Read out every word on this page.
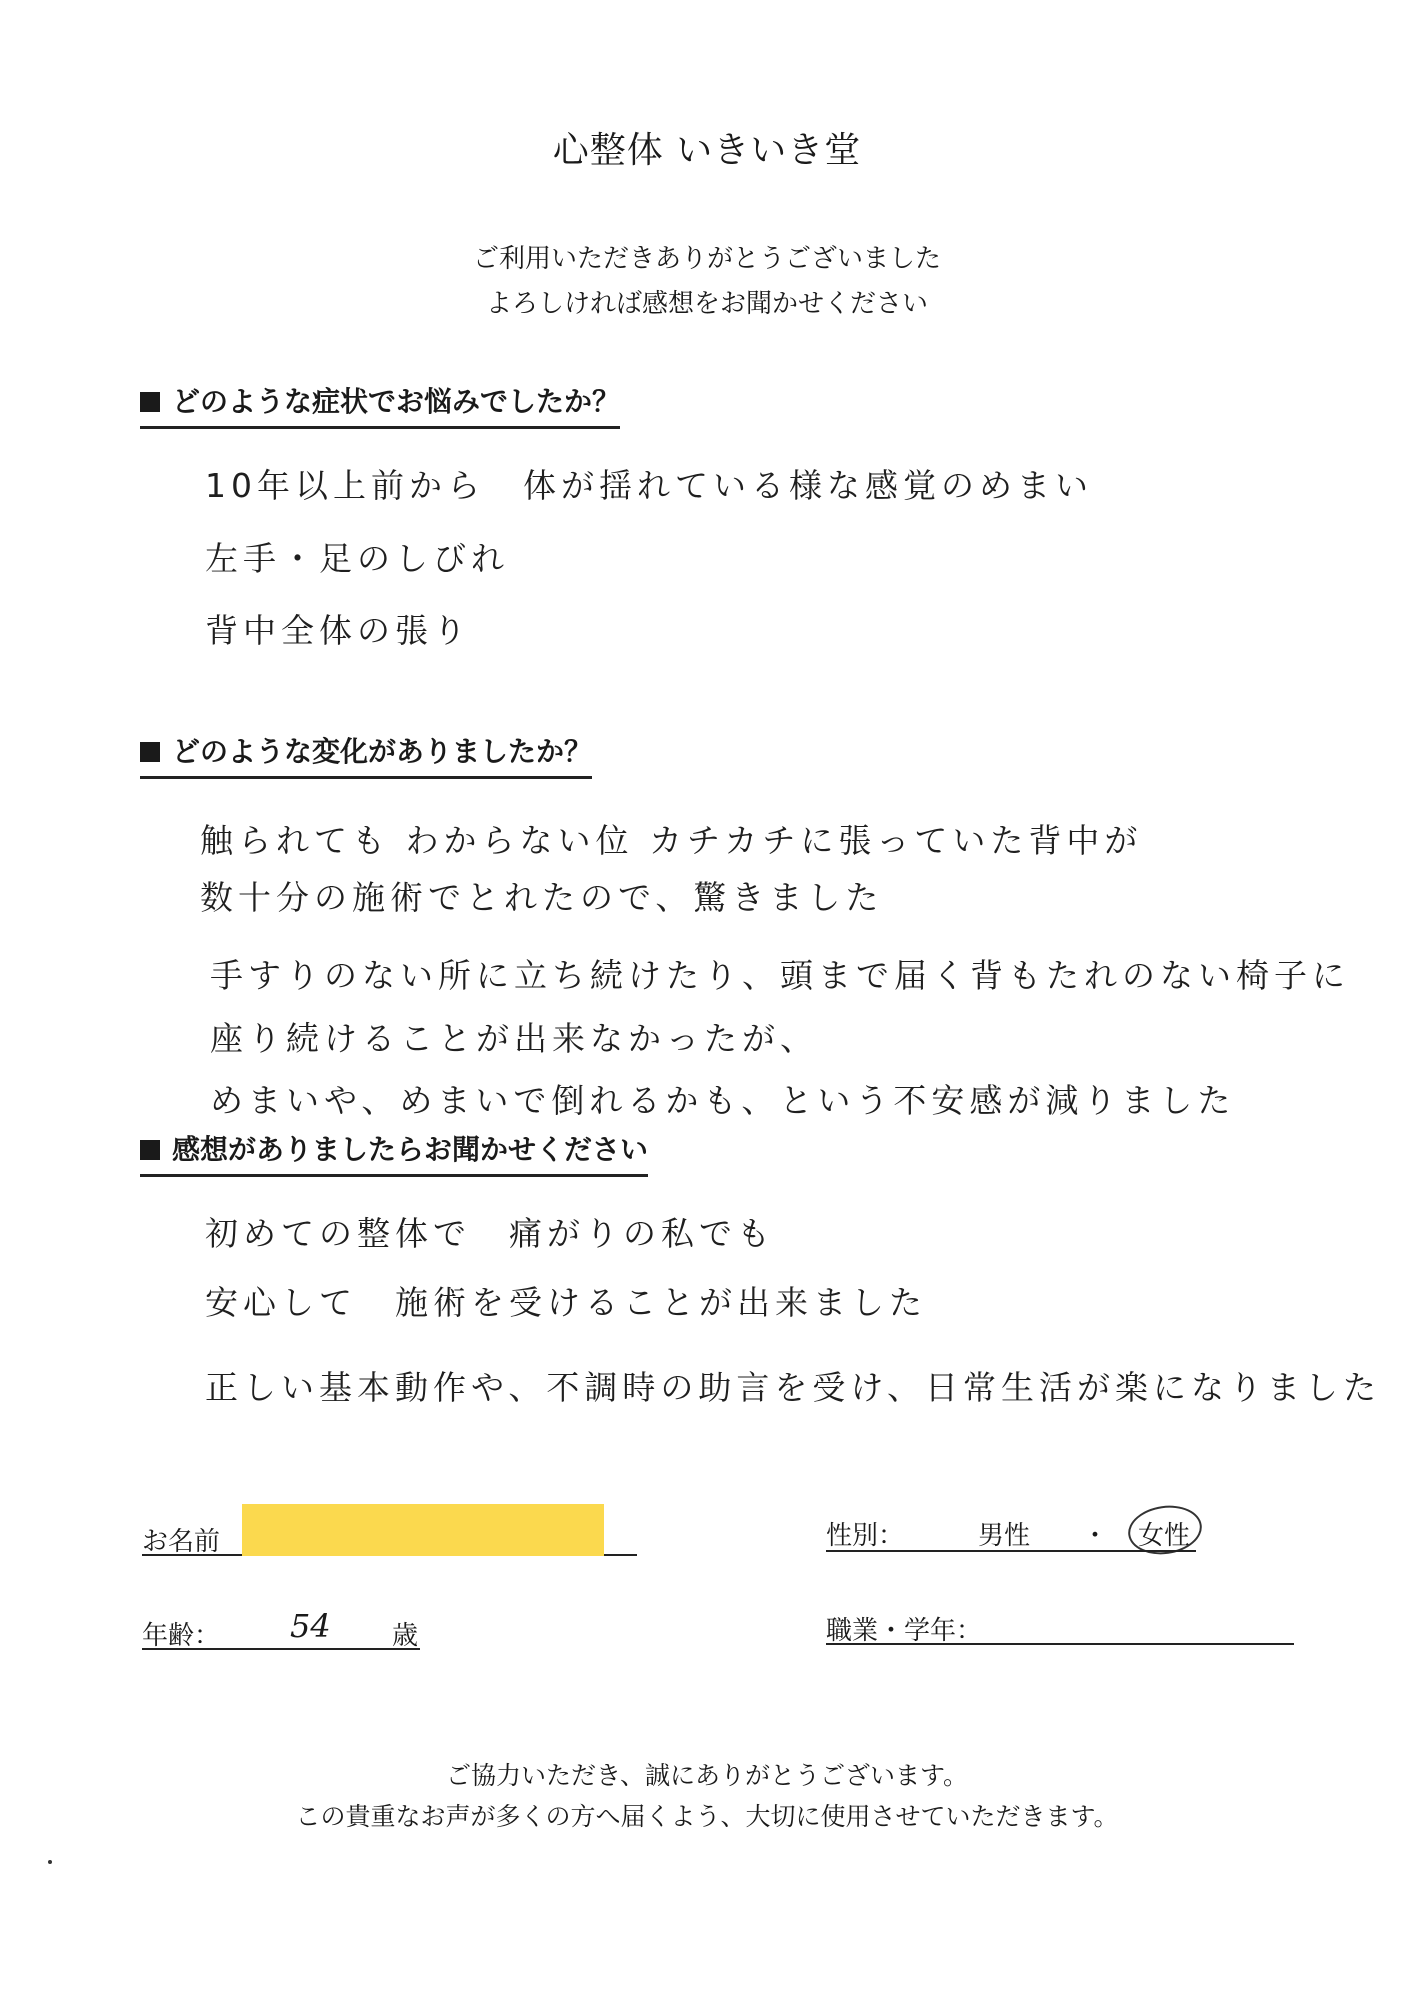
心整体 いきいき堂
ご利用いただきありがとうございました
よろしければ感想をお聞かせください
どのような症状でお悩みでしたか？
10年以上前から　体が揺れている様な感覚のめまい
左手・足のしびれ
背中全体の張り
どのような変化がありましたか？
触られても わからない位 カチカチに張っていた背中が
数十分の施術でとれたので、驚きました
手すりのない所に立ち続けたり、頭まで届く背もたれのない椅子に
座り続けることが出来なかったが、
めまいや、めまいで倒れるかも、という不安感が減りました
感想がありましたらお聞かせください
初めての整体で　痛がりの私でも
安心して　施術を受けることが出来ました
正しい基本動作や、不調時の助言を受け、日常生活が楽になりました
お名前	性別：	男性 ・ 女性
年齢： 54 歳	職業・学年：
ご協力いただき、誠にありがとうございます。
この貴重なお声が多くの方へ届くよう、大切に使用させていただきます。
